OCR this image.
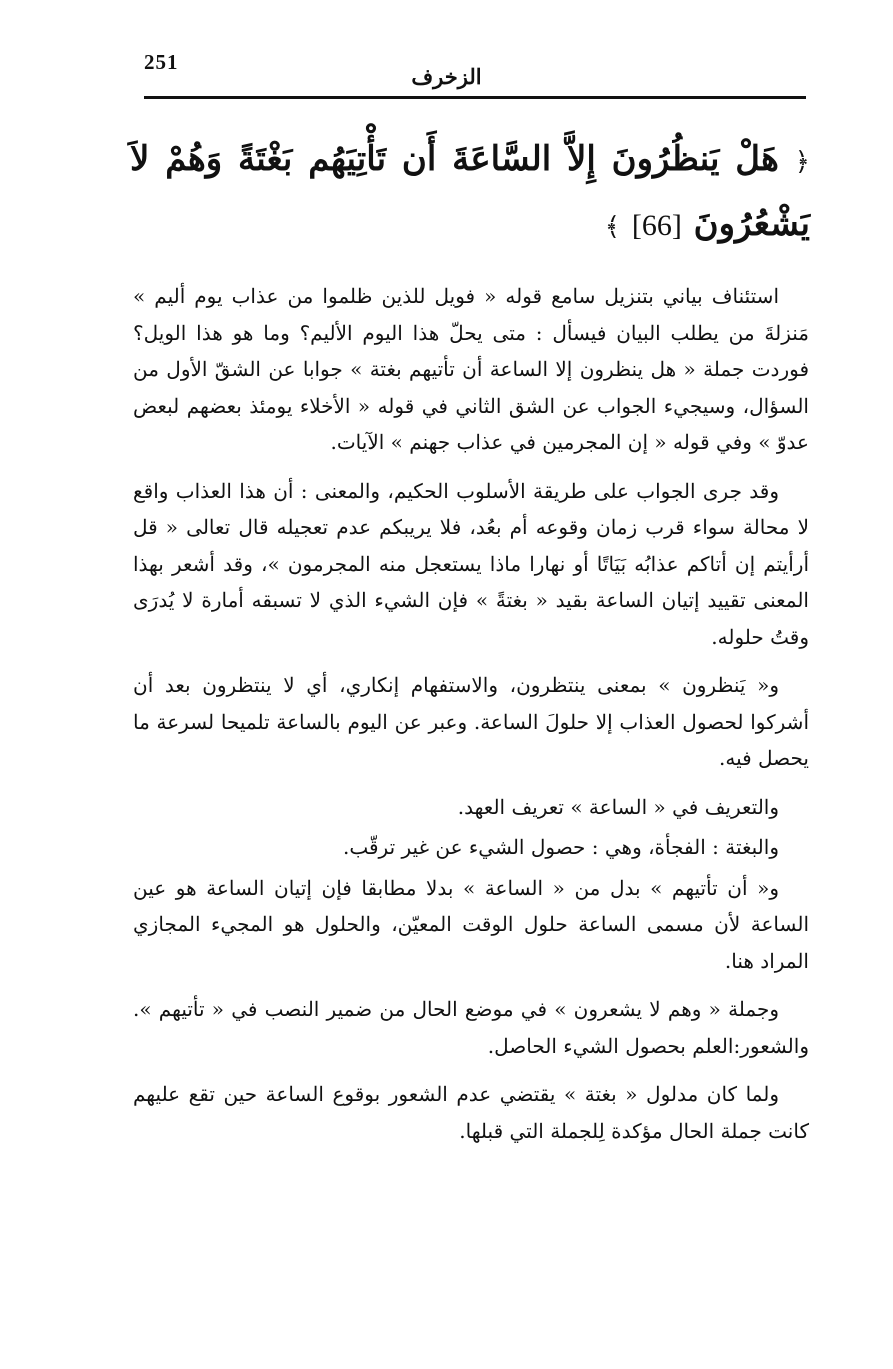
251
الزخرف
﴿ هَلْ يَنظُرُونَ إِلاَّ السَّاعَةَ أَن تَأْتِيَهُم بَغْتَةً وَهُمْ لاَ يَشْعُرُونَ [66] ﴾

استئناف بياني بتنزيل سامع قوله « فويل للذين ظلموا من عذاب يوم أليم » مَنزلةَ من يطلب البيان فيسأل : متى يحلّ هذا اليوم الأليم؟ وما هو هذا الويل؟ فوردت جملة « هل ينظرون إلا الساعة أن تأتيهم بغتة » جوابا عن الشقّ الأول من السؤال، وسيجيء الجواب عن الشق الثاني في قوله « الأخلاء يومئذ بعضهم لبعض عدوّ » وفي قوله « إن المجرمين في عذاب جهنم » الآيات.

وقد جرى الجواب على طريقة الأسلوب الحكيم، والمعنى : أن هذا العذاب واقع لا محالة سواء قرب زمان وقوعه أم بعُد، فلا يريبكم عدم تعجيله قال تعالى « قل أرأيتم إن أتاكم عذابُه بَيَاتًا أو نهارا ماذا يستعجل منه المجرمون »، وقد أشعر بهذا المعنى تقييد إتيان الساعة بقيد « بغتةً » فإن الشيء الذي لا تسبقه أمارة لا يُدرَى وقتُ حلوله.

و« يَنظرون » بمعنى ينتظرون، والاستفهام إنكاري، أي لا ينتظرون بعد أن أشركوا لحصول العذاب إلا حلولَ الساعة. وعبر عن اليوم بالساعة تلميحا لسرعة ما يحصل فيه.

والتعريف في « الساعة » تعريف العهد.

والبغتة : الفجأة، وهي : حصول الشيء عن غير ترقّب.

و« أن تأتيهم » بدل من « الساعة » بدلا مطابقا فإن إتيان الساعة هو عين الساعة لأن مسمى الساعة حلول الوقت المعيّن، والحلول هو المجيء المجازي المراد هنا.

وجملة « وهم لا يشعرون » في موضع الحال من ضمير النصب في « تأتيهم ». والشعور:العلم بحصول الشيء الحاصل.

ولما كان مدلول « بغتة » يقتضي عدم الشعور بوقوع الساعة حين تقع عليهم كانت جملة الحال مؤكدة لِلجملة التي قبلها.
